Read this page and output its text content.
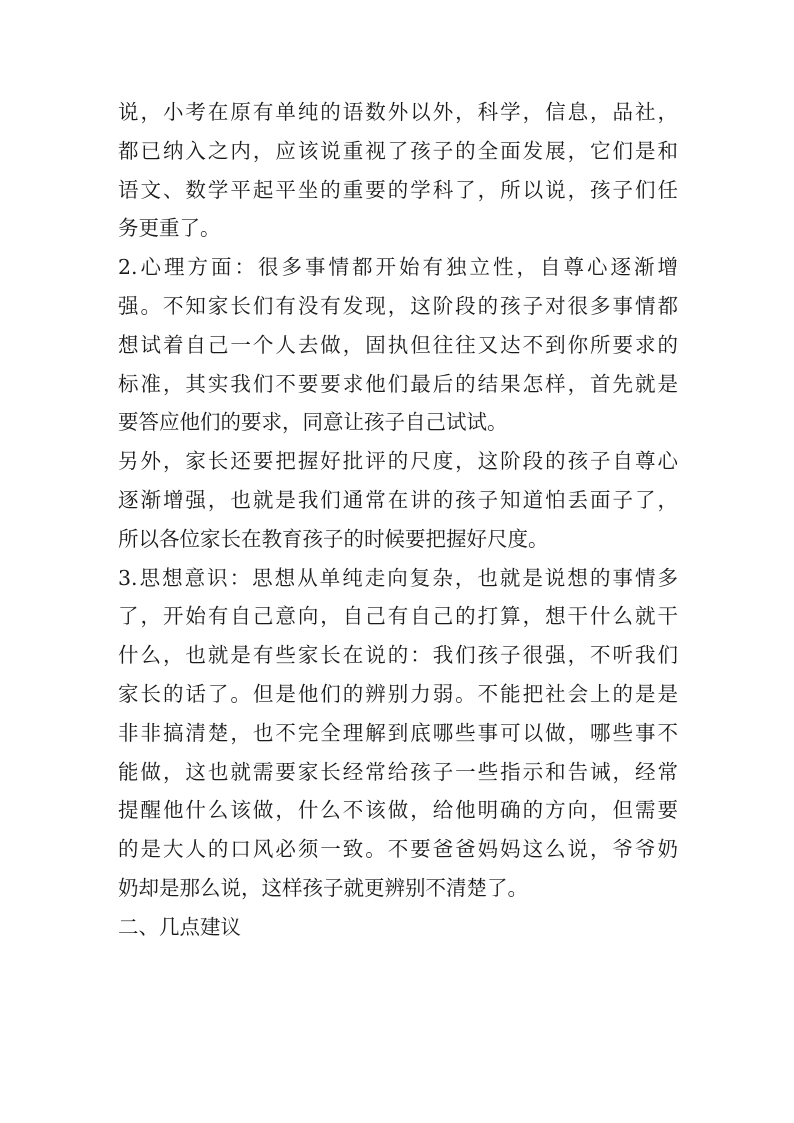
说，小考在原有单纯的语数外以外，科学，信息，品社，
都已纳入之内，应该说重视了孩子的全面发展，它们是和
语文、数学平起平坐的重要的学科了，所以说，孩子们任
务更重了。
2.心理方面：很多事情都开始有独立性，自尊心逐渐增
强。不知家长们有没有发现，这阶段的孩子对很多事情都
想试着自己一个人去做，固执但往往又达不到你所要求的
标准，其实我们不要要求他们最后的结果怎样，首先就是
要答应他们的要求，同意让孩子自己试试。
另外，家长还要把握好批评的尺度，这阶段的孩子自尊心
逐渐增强，也就是我们通常在讲的孩子知道怕丢面子了，
所以各位家长在教育孩子的时候要把握好尺度。
3.思想意识：思想从单纯走向复杂，也就是说想的事情多
了，开始有自己意向，自己有自己的打算，想干什么就干
什么，也就是有些家长在说的：我们孩子很强，不听我们
家长的话了。但是他们的辨别力弱。不能把社会上的是是
非非搞清楚，也不完全理解到底哪些事可以做，哪些事不
能做，这也就需要家长经常给孩子一些指示和告诫，经常
提醒他什么该做，什么不该做，给他明确的方向，但需要
的是大人的口风必须一致。不要爸爸妈妈这么说，爷爷奶
奶却是那么说，这样孩子就更辨别不清楚了。
二、几点建议
